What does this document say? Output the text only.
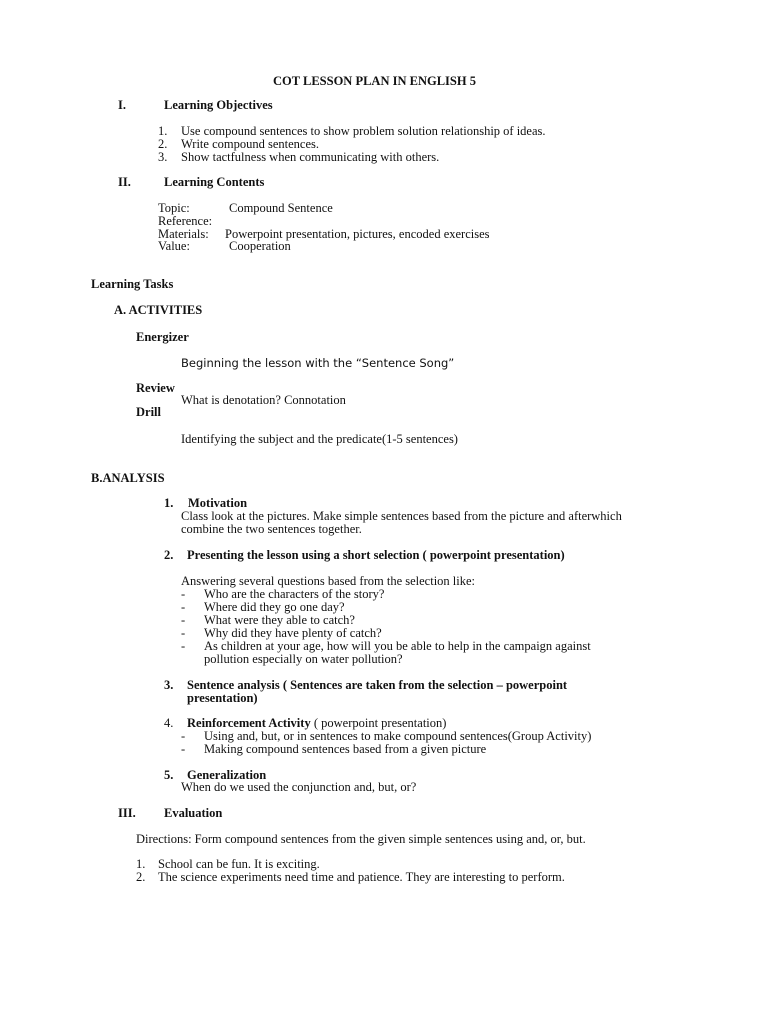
COT LESSON PLAN IN ENGLISH 5
I.	Learning Objectives
1. Use compound sentences to show problem solution relationship of ideas.
2. Write compound sentences.
3. Show tactfulness when communicating with others.
II.	Learning Contents
Topic:	Compound Sentence
Reference:
Materials: Powerpoint presentation, pictures, encoded exercises
Value:	Cooperation
Learning Tasks
A. ACTIVITIES
Energizer
Beginning the lesson with the “Sentence Song”
Review
What is denotation? Connotation
Drill
Identifying the subject and the predicate(1-5 sentences)
B.ANALYSIS
1. Motivation
Class look at the pictures. Make simple sentences based from the picture and afterwhich
combine the two sentences together.
2. Presenting the lesson using a short selection ( powerpoint presentation)
Answering several questions based from the selection like:
- Who are the characters of the story?
- Where did they go one day?
- What were they able to catch?
- Why did they have plenty of catch?
- As children at your age, how will you be able to help in the campaign against
pollution especially on water pollution?
3. Sentence analysis ( Sentences are taken from the selection – powerpoint
presentation)
4. Reinforcement Activity ( powerpoint presentation)
- Using and, but, or in sentences to make compound sentences(Group Activity)
- Making compound sentences based from a given picture
5. Generalization
When do we used the conjunction and, but, or?
III. Evaluation
Directions: Form compound sentences from the given simple sentences using and, or, but.
1. School can be fun. It is exciting.
2. The science experiments need time and patience. They are interesting to perform.
